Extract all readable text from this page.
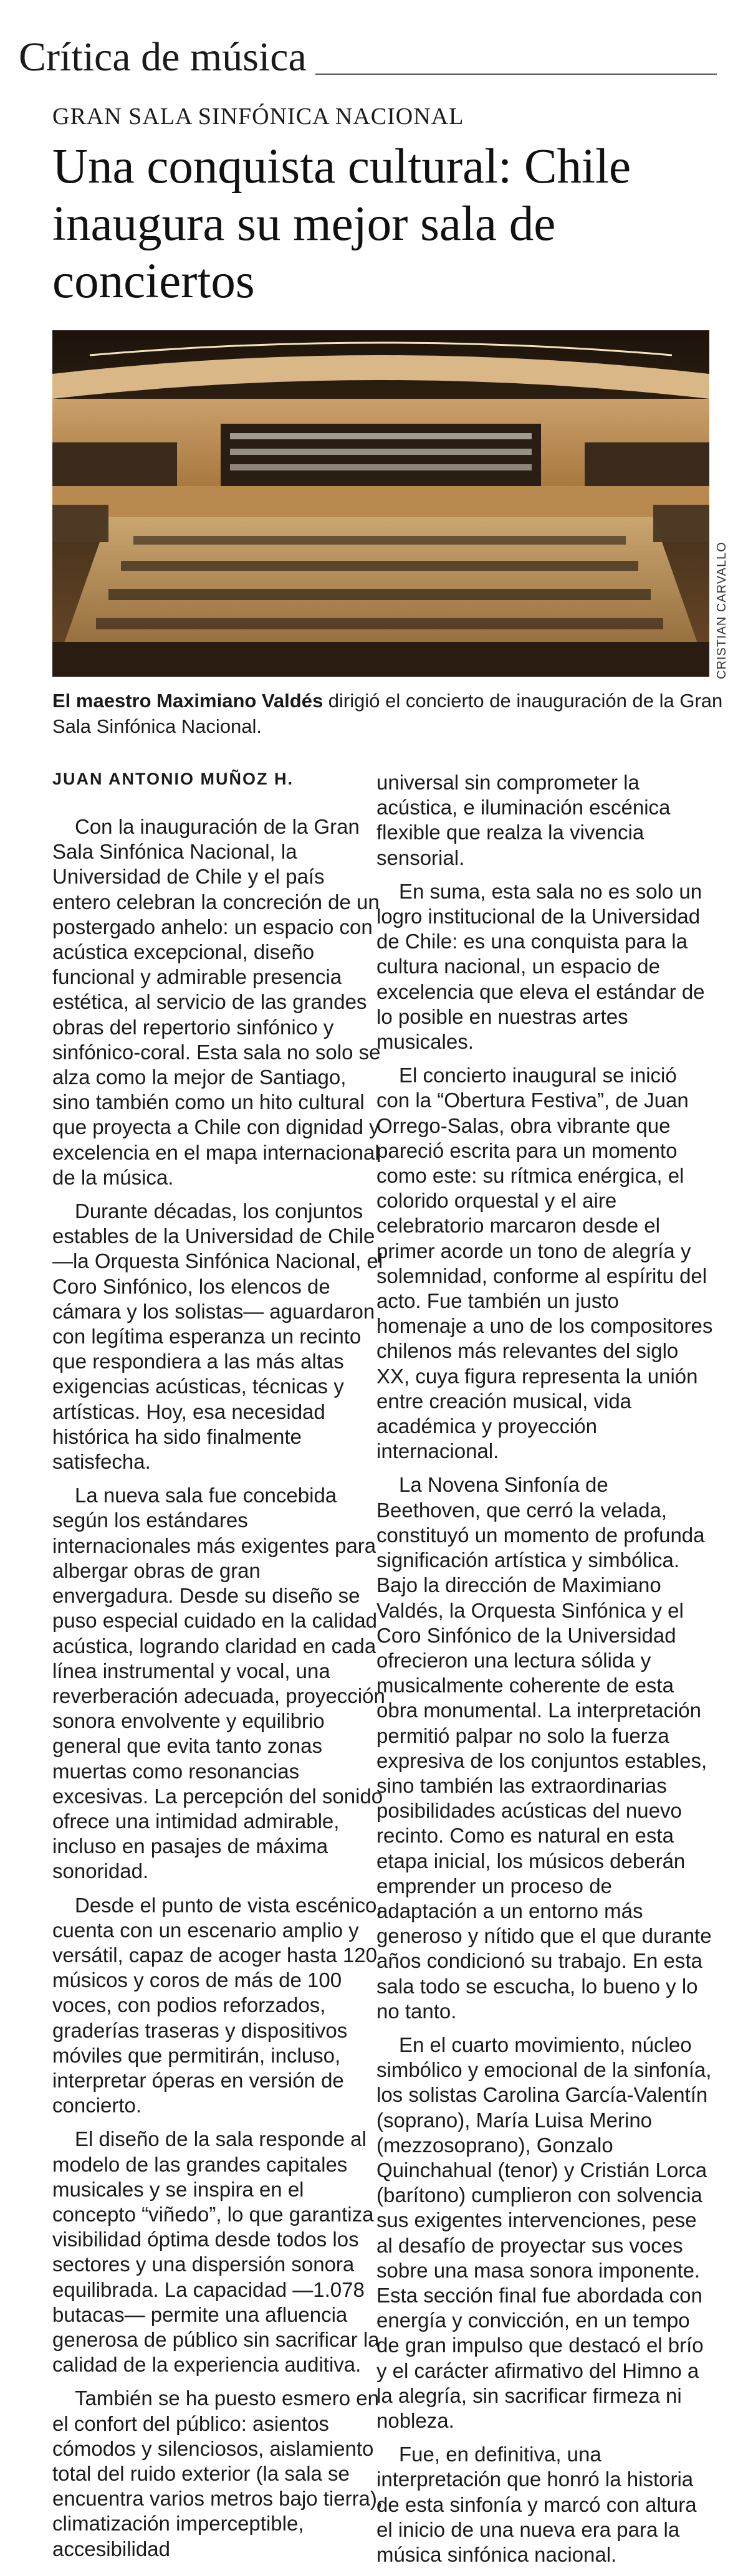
Crítica de música
GRAN SALA SINFÓNICA NACIONAL
Una conquista cultural: Chile inaugura su mejor sala de conciertos
CRISTIAN CARVALLO
El maestro Maximiano Valdés dirigió el concierto de inauguración de la Gran Sala Sinfónica Nacional.
JUAN ANTONIO MUÑOZ H.

Con la inauguración de la Gran Sala Sinfónica Nacional, la Universidad de Chile y el país entero celebran la concreción de un postergado anhelo: un espacio con acústica excepcional, diseño funcional y admirable presencia estética, al servicio de las grandes obras del repertorio sinfónico y sinfónico-coral. Esta sala no solo se alza como la mejor de Santiago, sino también como un hito cultural que proyecta a Chile con dignidad y excelencia en el mapa internacional de la música.

Durante décadas, los conjuntos estables de la Universidad de Chile —la Orquesta Sinfónica Nacional, el Coro Sinfónico, los elencos de cámara y los solistas— aguardaron con legítima esperanza un recinto que respondiera a las más altas exigencias acústicas, técnicas y artísticas. Hoy, esa necesidad histórica ha sido finalmente satisfecha.

La nueva sala fue concebida según los estándares internacionales más exigentes para albergar obras de gran envergadura. Desde su diseño se puso especial cuidado en la calidad acústica, logrando claridad en cada línea instrumental y vocal, una reverberación adecuada, proyección sonora envolvente y equilibrio general que evita tanto zonas muertas como resonancias excesivas. La percepción del sonido ofrece una intimidad admirable, incluso en pasajes de máxima sonoridad.

Desde el punto de vista escénico, cuenta con un escenario amplio y versátil, capaz de acoger hasta 120 músicos y coros de más de 100 voces, con podios reforzados, graderías traseras y dispositivos móviles que permitirán, incluso, interpretar óperas en versión de concierto.

El diseño de la sala responde al modelo de las grandes capitales musicales y se inspira en el concepto “viñedo”, lo que garantiza visibilidad óptima desde todos los sectores y una dispersión sonora equilibrada. La capacidad —1.078 butacas— permite una afluencia generosa de público sin sacrificar la calidad de la experiencia auditiva.

También se ha puesto esmero en el confort del público: asientos cómodos y silenciosos, aislamiento total del ruido exterior (la sala se encuentra varios metros bajo tierra), climatización imperceptible, accesibilidad

universal sin comprometer la acústica, e iluminación escénica flexible que realza la vivencia sensorial.

En suma, esta sala no es solo un logro institucional de la Universidad de Chile: es una conquista para la cultura nacional, un espacio de excelencia que eleva el estándar de lo posible en nuestras artes musicales.

El concierto inaugural se inició con la “Obertura Festiva”, de Juan Orrego-Salas, obra vibrante que pareció escrita para un momento como este: su rítmica enérgica, el colorido orquestal y el aire celebratorio marcaron desde el primer acorde un tono de alegría y solemnidad, conforme al espíritu del acto. Fue también un justo homenaje a uno de los compositores chilenos más relevantes del siglo XX, cuya figura representa la unión entre creación musical, vida académica y proyección internacional.

La Novena Sinfonía de Beethoven, que cerró la velada, constituyó un momento de profunda significación artística y simbólica. Bajo la dirección de Maximiano Valdés, la Orquesta Sinfónica y el Coro Sinfónico de la Universidad ofrecieron una lectura sólida y musicalmente coherente de esta obra monumental. La interpretación permitió palpar no solo la fuerza expresiva de los conjuntos estables, sino también las extraordinarias posibilidades acústicas del nuevo recinto. Como es natural en esta etapa inicial, los músicos deberán emprender un proceso de adaptación a un entorno más generoso y nítido que el que durante años condicionó su trabajo. En esta sala todo se escucha, lo bueno y lo no tanto.

En el cuarto movimiento, núcleo simbólico y emocional de la sinfonía, los solistas Carolina García-Valentín (soprano), María Luisa Merino (mezzosoprano), Gonzalo Quinchahual (tenor) y Cristián Lorca (barítono) cumplieron con solvencia sus exigentes intervenciones, pese al desafío de proyectar sus voces sobre una masa sonora imponente. Esta sección final fue abordada con energía y convicción, en un tempo de gran impulso que destacó el brío y el carácter afirmativo del Himno a la alegría, sin sacrificar firmeza ni nobleza.

Fue, en definitiva, una interpretación que honró la historia de esta sinfonía y marcó con altura el inicio de una nueva era para la música sinfónica nacional.
